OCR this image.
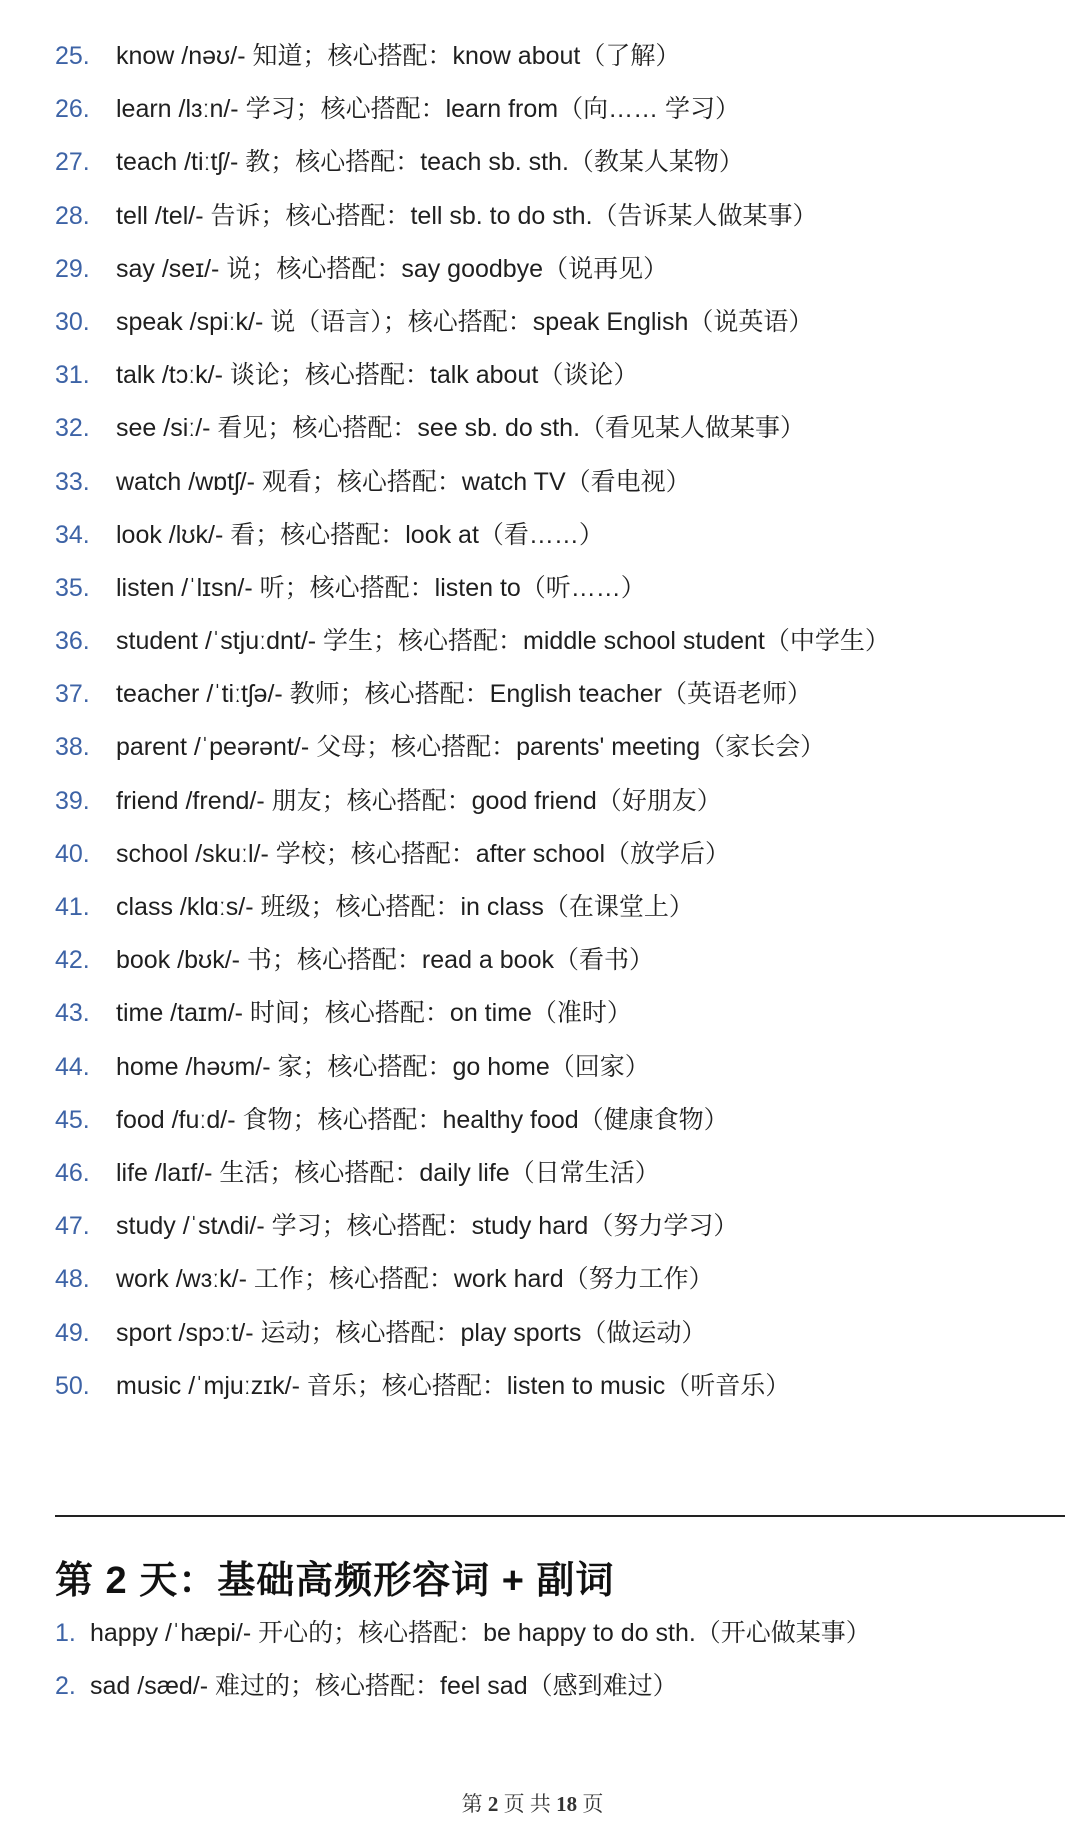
25. know /nəʊ/- 知道；核心搭配：know about（了解）
26. learn /lɜːn/- 学习；核心搭配：learn from（向…… 学习）
27. teach /tiːtʃ/- 教；核心搭配：teach sb. sth.（教某人某物）
28. tell /tel/- 告诉；核心搭配：tell sb. to do sth.（告诉某人做某事）
29. say /seɪ/- 说；核心搭配：say goodbye（说再见）
30. speak /spiːk/- 说（语言）；核心搭配：speak English（说英语）
31. talk /tɔːk/- 谈论；核心搭配：talk about（谈论）
32. see /siː/- 看见；核心搭配：see sb. do sth.（看见某人做某事）
33. watch /wɒtʃ/- 观看；核心搭配：watch TV（看电视）
34. look /lʊk/- 看；核心搭配：look at（看……）
35. listen /ˈlɪsn/- 听；核心搭配：listen to（听……）
36. student /ˈstjuːdnt/- 学生；核心搭配：middle school student（中学生）
37. teacher /ˈtiːtʃə/- 教师；核心搭配：English teacher（英语老师）
38. parent /ˈpeərənt/- 父母；核心搭配：parents' meeting（家长会）
39. friend /frend/- 朋友；核心搭配：good friend（好朋友）
40. school /skuːl/- 学校；核心搭配：after school（放学后）
41. class /klɑːs/- 班级；核心搭配：in class（在课堂上）
42. book /bʊk/- 书；核心搭配：read a book（看书）
43. time /taɪm/- 时间；核心搭配：on time（准时）
44. home /həʊm/- 家；核心搭配：go home（回家）
45. food /fuːd/- 食物；核心搭配：healthy food（健康食物）
46. life /laɪf/- 生活；核心搭配：daily life（日常生活）
47. study /ˈstʌdi/- 学习；核心搭配：study hard（努力学习）
48. work /wɜːk/- 工作；核心搭配：work hard（努力工作）
49. sport /spɔːt/- 运动；核心搭配：play sports（做运动）
50. music /ˈmjuːzɪk/- 音乐；核心搭配：listen to music（听音乐）
第 2 天：基础高频形容词 + 副词
1. happy /ˈhæpi/- 开心的；核心搭配：be happy to do sth.（开心做某事）
2. sad /sæd/- 难过的；核心搭配：feel sad（感到难过）
第 2 页 共 18 页
